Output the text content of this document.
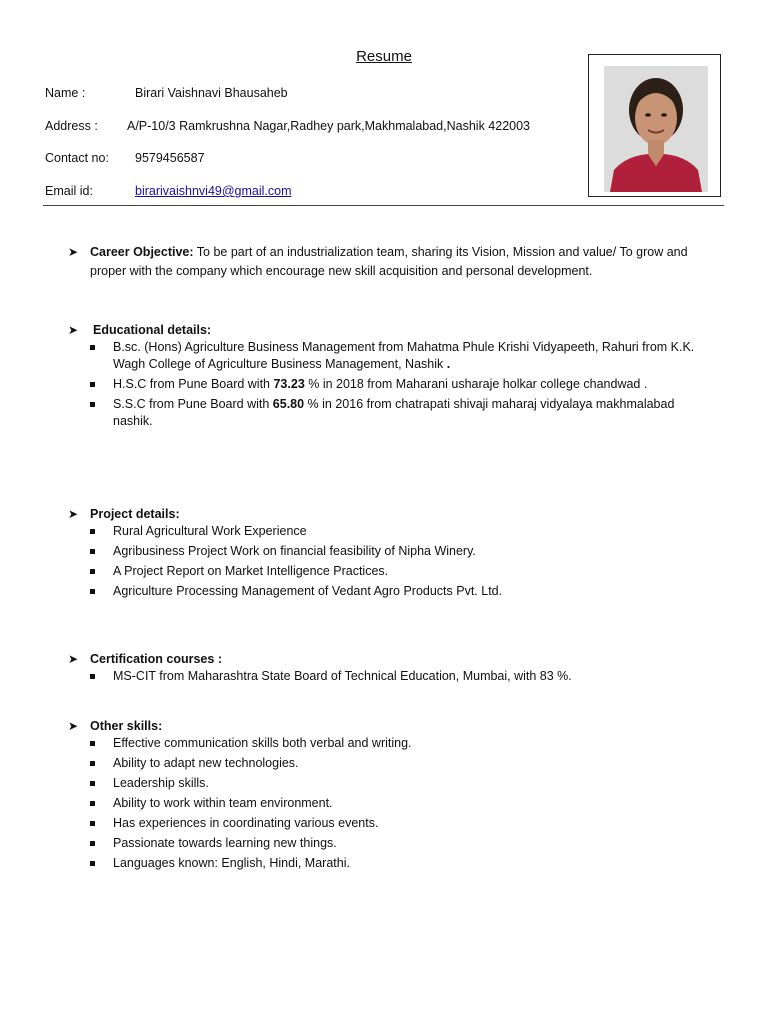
Resume
Name :	Birari Vaishnavi Bhausaheb
Address : A/P-10/3 Ramkrushna Nagar,Radhey park,Makhmalabad,Nashik 422003
Contact no: 9579456587
Email id:	birarivaishnvi49@gmail.com
➤ Career Objective: To be part of an industrialization team, sharing its Vision, Mission and value/ To grow and proper with the company which encourage new skill acquisition and personal development.
➤	Educational details:
B.sc. (Hons) Agriculture Business Management from Mahatma Phule Krishi Vidyapeeth, Rahuri from K.K. Wagh College of Agriculture Business Management, Nashik .
H.S.C from Pune Board with 73.23 % in 2018 from Maharani usharaje holkar college chandwad .
S.S.C from Pune Board with 65.80 % in 2016 from chatrapati shivaji maharaj vidyalaya makhmalabad nashik.
➤ Project details:
Rural Agricultural Work Experience
Agribusiness Project Work on financial feasibility of Nipha Winery.
A Project Report on Market Intelligence Practices.
Agriculture Processing Management of Vedant Agro Products Pvt. Ltd.
➤ Certification courses :
MS-CIT from Maharashtra State Board of Technical Education, Mumbai, with 83 %.
➤ Other skills:
Effective communication skills both verbal and writing.
Ability to adapt new technologies.
Leadership skills.
Ability to work within team environment.
Has experiences in coordinating various events.
Passionate towards learning new things.
Languages known: English, Hindi, Marathi.
